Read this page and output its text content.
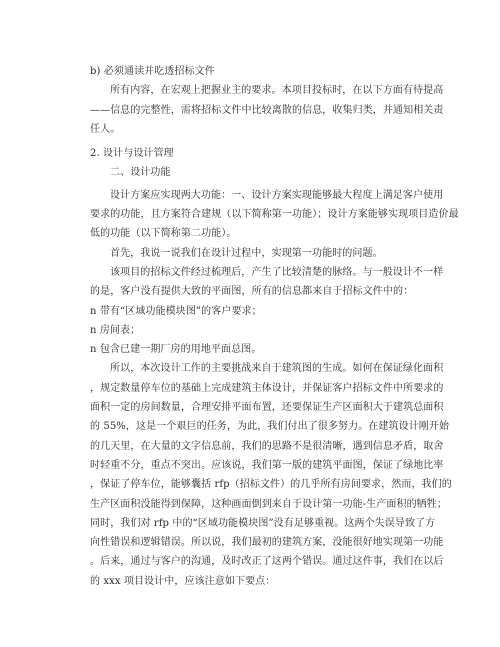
b) 必须通读并吃透招标文件

所有内容，在宏观上把握业主的要求。本项目投标时，在以下方面有待提高

——信息的完整性，需将招标文件中比较离散的信息，收集归类，并通知相关责

任人。

2. 设计与设计管理

二、设计功能

设计方案应实现两大功能：一、设计方案实现能够最大程度上满足客户使用

要求的功能，且方案符合建规（以下简称第一功能）；设计方案能够实现项目造价最

低的功能（以下简称第二功能）。

首先，我说一说我们在设计过程中，实现第一功能时的问题。

该项目的招标文件经过梳理后，产生了比较清楚的脉络。与一般设计不一样

的是，客户没有提供大致的平面图，所有的信息都来自于招标文件中的：

n 带有“区域功能模块图”的客户要求；

n 房间表；

n 包含已建一期厂房的用地平面总图。

所以，本次设计工作的主要挑战来自于建筑图的生成。如何在保证绿化面积

，规定数量停车位的基础上完成建筑主体设计，并保证客户招标文件中所要求的

面积一定的房间数量，合理安排平面布置，还要保证生产区面积大于建筑总面积

的 55%，这是一个艰巨的任务，为此，我们付出了很多努力。在建筑设计刚开始

的几天里，在大量的文字信息前，我们的思路不是很清晰，遇到信息矛盾，取舍

时轻重不分，重点不突出。应该说，我们第一版的建筑平面图，保证了绿地比率

，保证了停车位，能够囊括 rfp（招标文件）的几乎所有房间要求，然而，我们的

生产区面积没能得到保障，这种画面倒到来自于设计第一功能-生产面积的牺牲；

同时，我们对 rfp 中的“区域功能模块图”没有足够重视。这两个失误导致了方

向性错误和逻辑错误。所以说，我们最初的建筑方案，没能很好地实现第一功能

。后来，通过与客户的沟通，及时改正了这两个错误。通过这件事，我们在以后

的 xxx 项目设计中，应该注意如下要点：
